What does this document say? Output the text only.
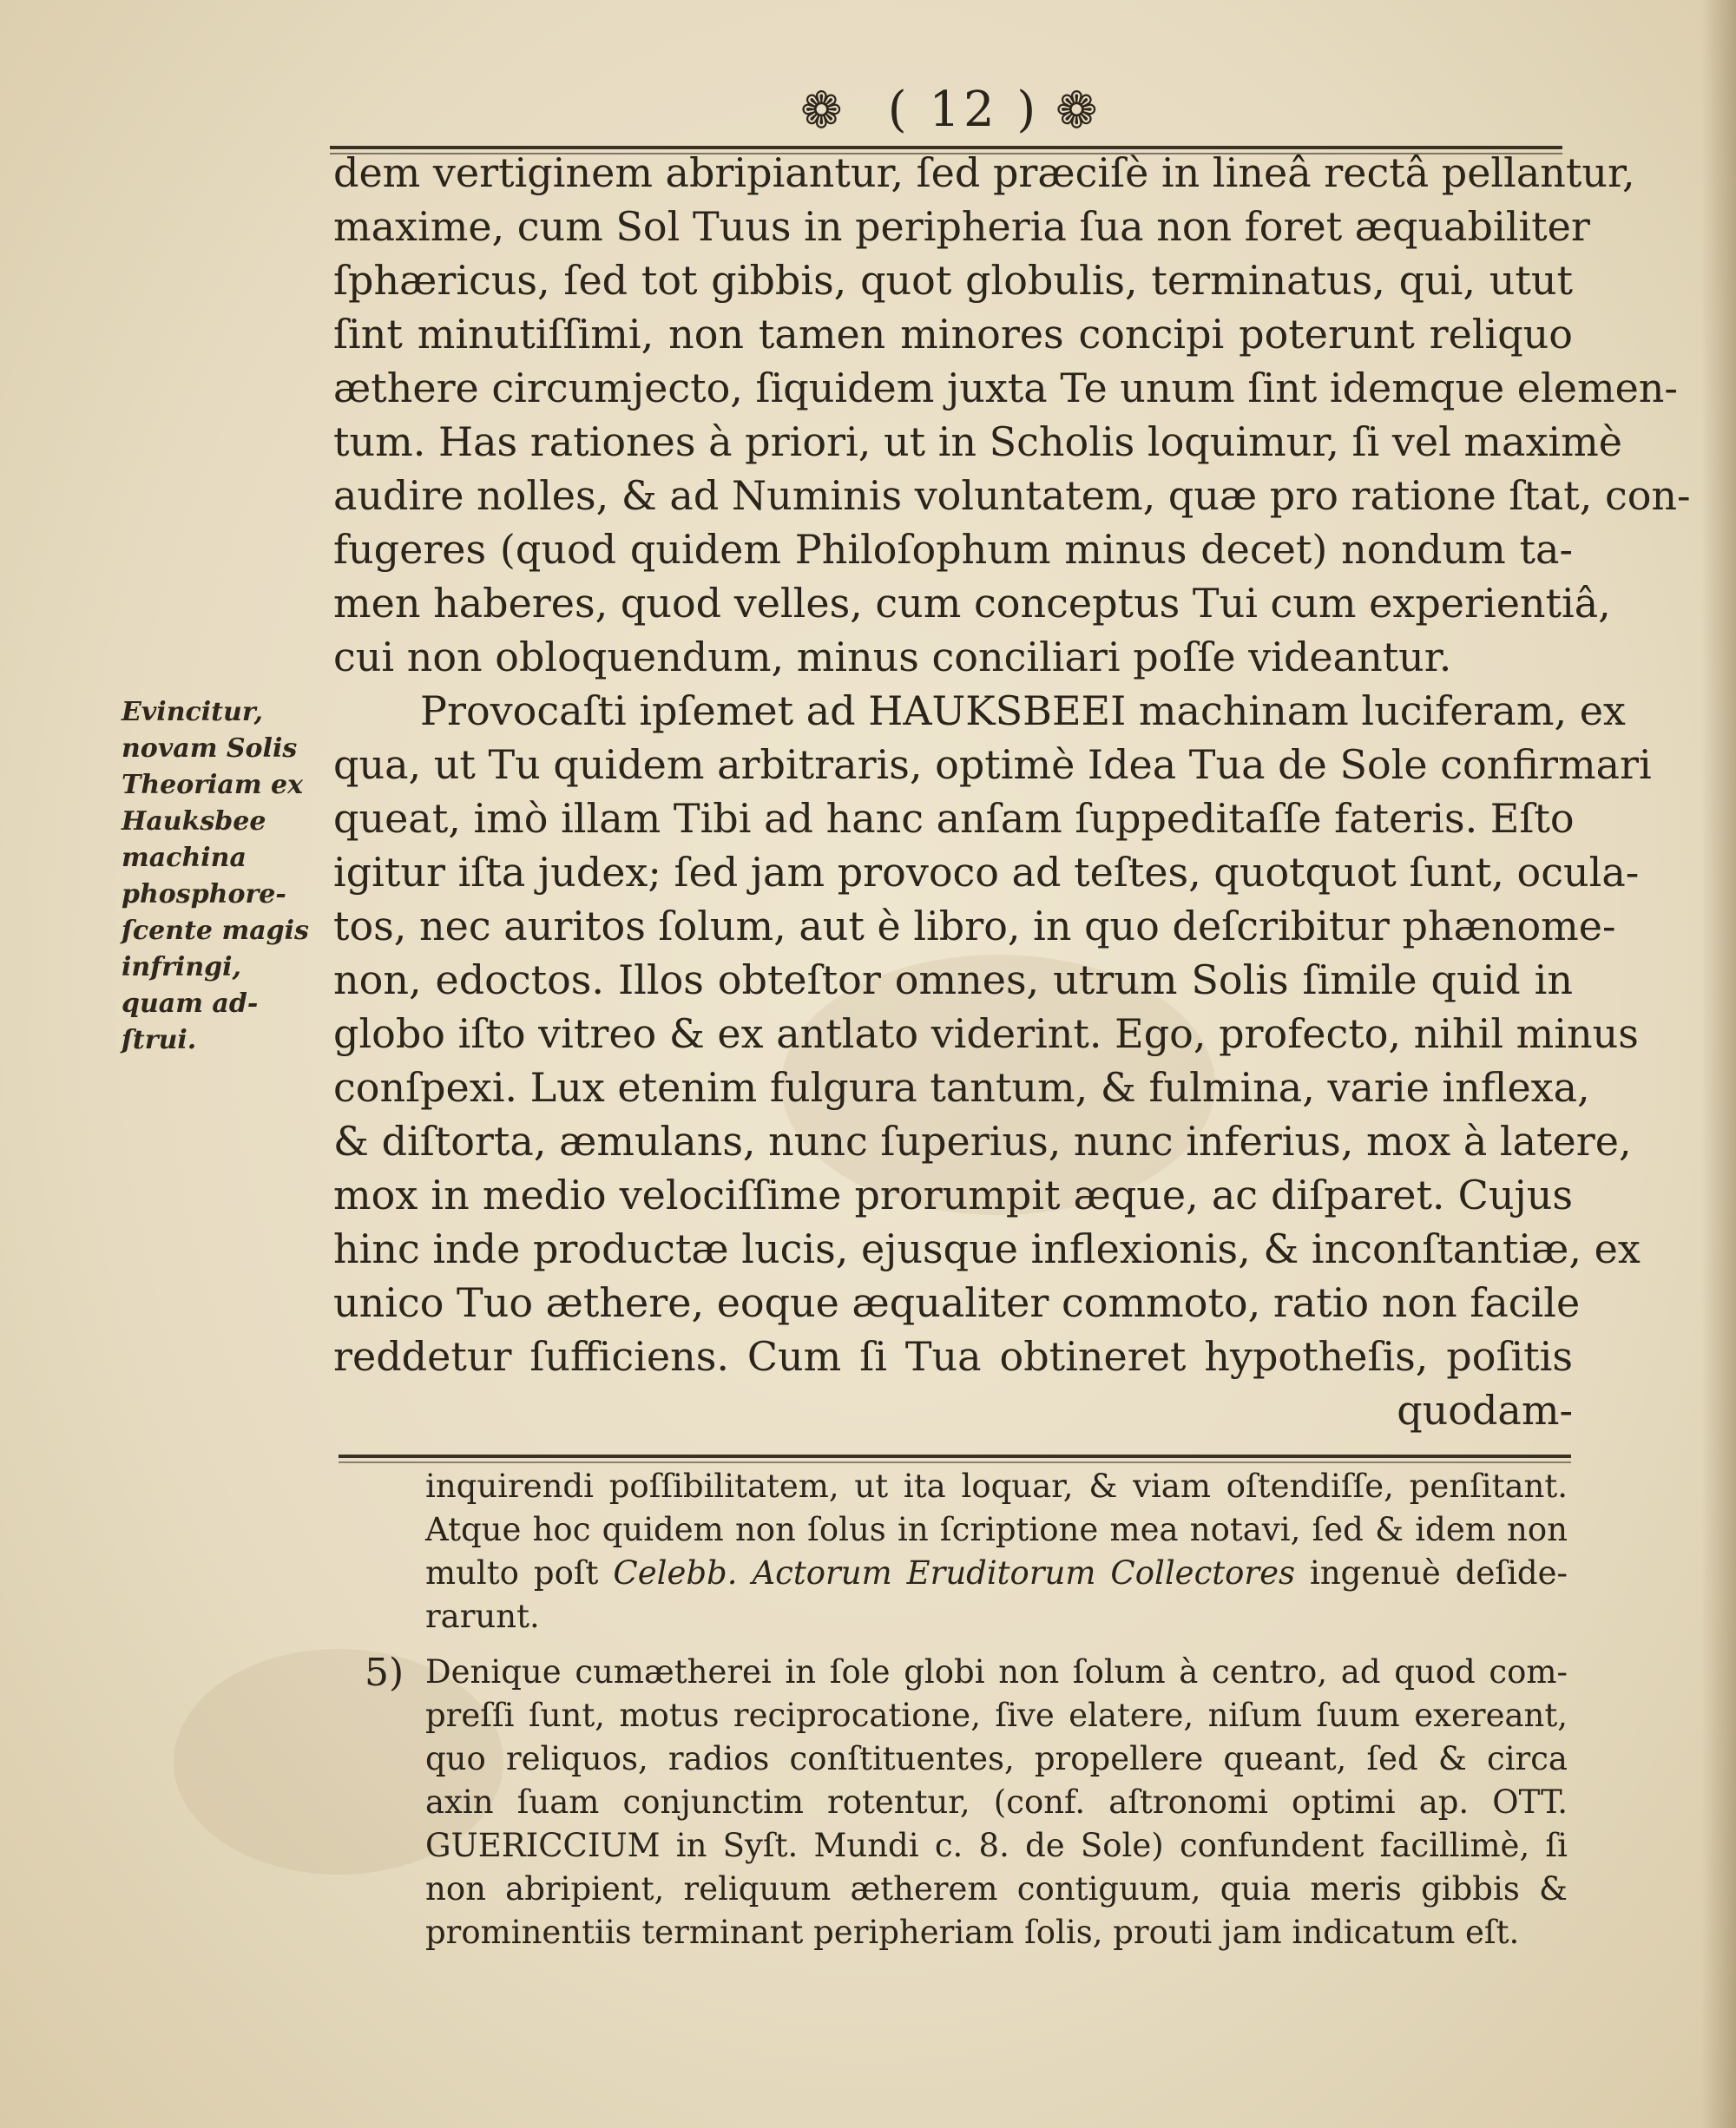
❁ ( 12 ) ❁
Evincitur,
novam Solis
Theoriam ex
Hauksbee
machina
phosphore-
ſcente magis
infringi,
quam ad-
ſtrui.
dem vertiginem abripiantur, ſed præciſè in lineâ rectâ pellantur,
maxime, cum Sol Tuus in peripheria ſua non foret æquabiliter
ſphæricus, ſed tot gibbis, quot globulis, terminatus, qui, utut
ſint minutiſſimi, non tamen minores concipi poterunt reliquo
æthere circumjecto, ſiquidem juxta Te unum ſint idemque elemen-
tum. Has rationes à priori, ut in Scholis loquimur, ſi vel maximè
audire nolles, & ad Numinis voluntatem, quæ pro ratione ſtat, con-
fugeres (quod quidem Philoſophum minus decet) nondum ta-
men haberes, quod velles, cum conceptus Tui cum experientiâ,
cui non obloquendum, minus conciliari poſſe videantur.
Provocaſti ipſemet ad HAUKSBEEI machinam luciferam, ex
qua, ut Tu quidem arbitraris, optimè Idea Tua de Sole confirmari
queat, imò illam Tibi ad hanc anſam ſuppeditaſſe fateris. Eſto
igitur iſta judex; ſed jam provoco ad teſtes, quotquot ſunt, ocula-
tos, nec auritos ſolum, aut è libro, in quo deſcribitur phænome-
non, edoctos. Illos obteſtor omnes, utrum Solis ſimile quid in
globo iſto vitreo & ex antlato viderint. Ego, profecto, nihil minus
conſpexi. Lux etenim fulgura tantum, & fulmina, varie inflexa,
& diſtorta, æmulans, nunc ſuperius, nunc inferius, mox à latere,
mox in medio velociſſime prorumpit æque, ac diſparet. Cujus
hinc inde productæ lucis, ejusque inflexionis, & inconſtantiæ, ex
unico Tuo æthere, eoque æqualiter commoto, ratio non facile
reddetur ſufficiens. Cum ſi Tua obtineret hypotheſis, poſitis
quodam-
inquirendi poſſibilitatem, ut ita loquar, & viam oſtendiſſe, penſitant.
Atque hoc quidem non ſolus in ſcriptione mea notavi, ſed & idem non
multo poſt Celebb. Actorum Eruditorum Collectores ingenuè deſide-
rarunt.
5) Denique cumætherei in ſole globi non ſolum à centro, ad quod com-
preſſi ſunt, motus reciprocatione, ſive elatere, niſum ſuum exereant,
quo reliquos, radios conſtituentes, propellere queant, ſed & circa
axin ſuam conjunctim rotentur, (conf. aſtronomi optimi ap. OTT.
GUERICCIUM in Syſt. Mundi c. 8. de Sole) confundent facillimè, ſi
non abripient, reliquum ætherem contiguum, quia meris gibbis &
prominentiis terminant peripheriam ſolis, prouti jam indicatum eſt.
